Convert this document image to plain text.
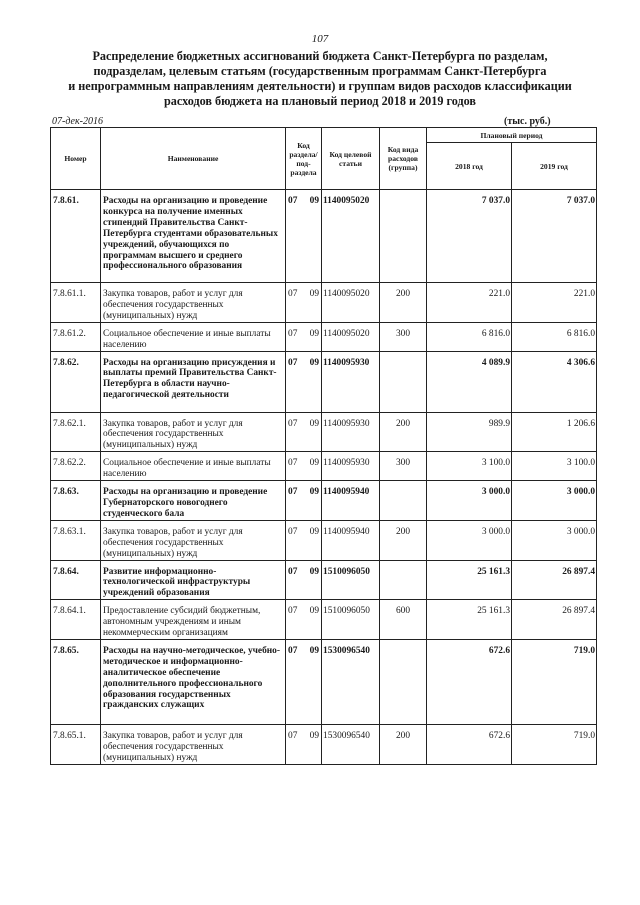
107
Распределение бюджетных ассигнований бюджета Санкт-Петербурга по разделам,
подразделам, целевым статьям (государственным программам Санкт-Петербурга
и непрограммным направлениям деятельности) и группам видов расходов классификации
расходов бюджета на плановый период 2018 и 2019 годов
07-дек-2016	(тыс. руб.)
Номер	Наименование	Код раздела/ под-раздела	Код целевой статьи	Код вида расходов (группа)	Плановый период	
					2018 год	2019 год

7.8.61.	Расходы на организацию и проведение конкурса на получение именных стипендий Правительства Санкт-Петербурга студентами образовательных учреждений, обучающихся по программам высшего и среднего профессионального образования	07 09	1140095020		7 037.0	7 037.0

7.8.61.1.	Закупка товаров, работ и услуг для обеспечения государственных (муниципальных) нужд	07 09	1140095020	200	221.0	221.0

7.8.61.2.	Социальное обеспечение и иные выплаты населению	07 09	1140095020	300	6 816.0	6 816.0

7.8.62.	Расходы на организацию присуждения и выплаты премий Правительства Санкт-Петербурга в области научно-педагогической деятельности	07 09	1140095930		4 089.9	4 306.6

7.8.62.1.	Закупка товаров, работ и услуг для обеспечения государственных (муниципальных) нужд	07 09	1140095930	200	989.9	1 206.6

7.8.62.2.	Социальное обеспечение и иные выплаты населению	07 09	1140095930	300	3 100.0	3 100.0

7.8.63.	Расходы на организацию и проведение Губернаторского новогоднего студенческого бала	07 09	1140095940		3 000.0	3 000.0

7.8.63.1.	Закупка товаров, работ и услуг для обеспечения государственных (муниципальных) нужд	07 09	1140095940	200	3 000.0	3 000.0

7.8.64.	Развитие информационно-технологической инфраструктуры учреждений образования	07 09	1510096050		25 161.3	26 897.4

7.8.64.1.	Предоставление субсидий бюджетным, автономным учреждениям и иным некоммерческим организациям	07 09	1510096050	600	25 161.3	26 897.4

7.8.65.	Расходы на научно-методическое, учебно-методическое и информационно-аналитическое обеспечение дополнительного профессионального образования государственных гражданских служащих	07 09	1530096540		672.6	719.0

7.8.65.1.	Закупка товаров, работ и услуг для обеспечения государственных (муниципальных) нужд	07 09	1530096540	200	672.6	719.0
